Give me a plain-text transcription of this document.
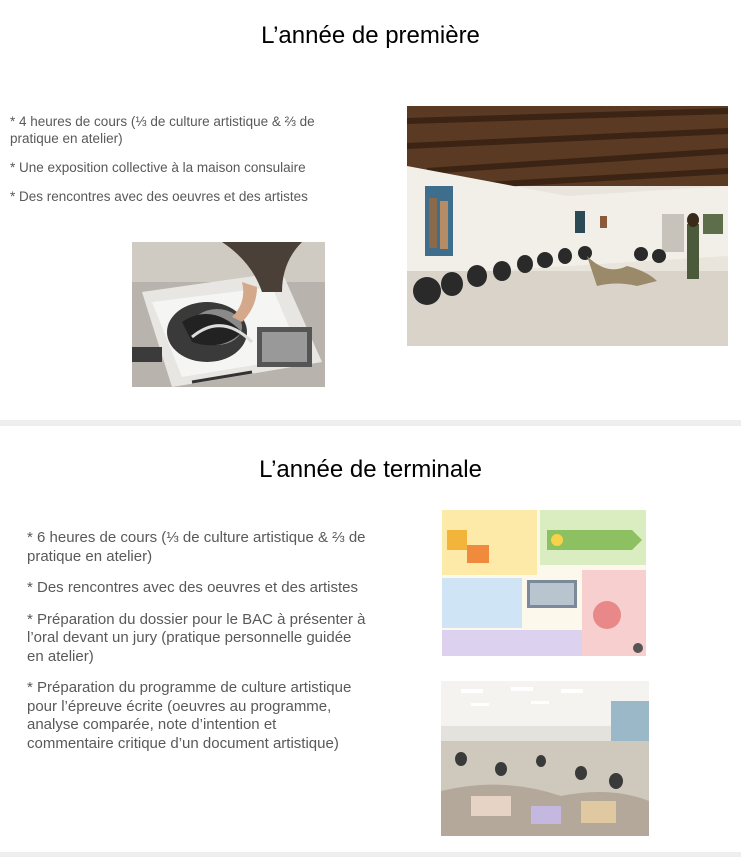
L’année de première
* 4 heures de cours (⅓ de culture artistique & ⅔ de pratique en atelier)
* Une exposition collective à la maison consulaire
* Des rencontres avec des oeuvres et des artistes
L’année de terminale
* 6 heures de cours (⅓ de culture artistique & ⅔ de pratique en atelier)
* Des rencontres avec des oeuvres et des artistes
* Préparation du dossier pour le BAC à présenter à l’oral devant un jury (pratique personnelle guidée en atelier)
* Préparation du programme de culture artistique pour l’épreuve écrite (oeuvres au programme, analyse comparée, note d’intention et commentaire critique d’un document artistique)
